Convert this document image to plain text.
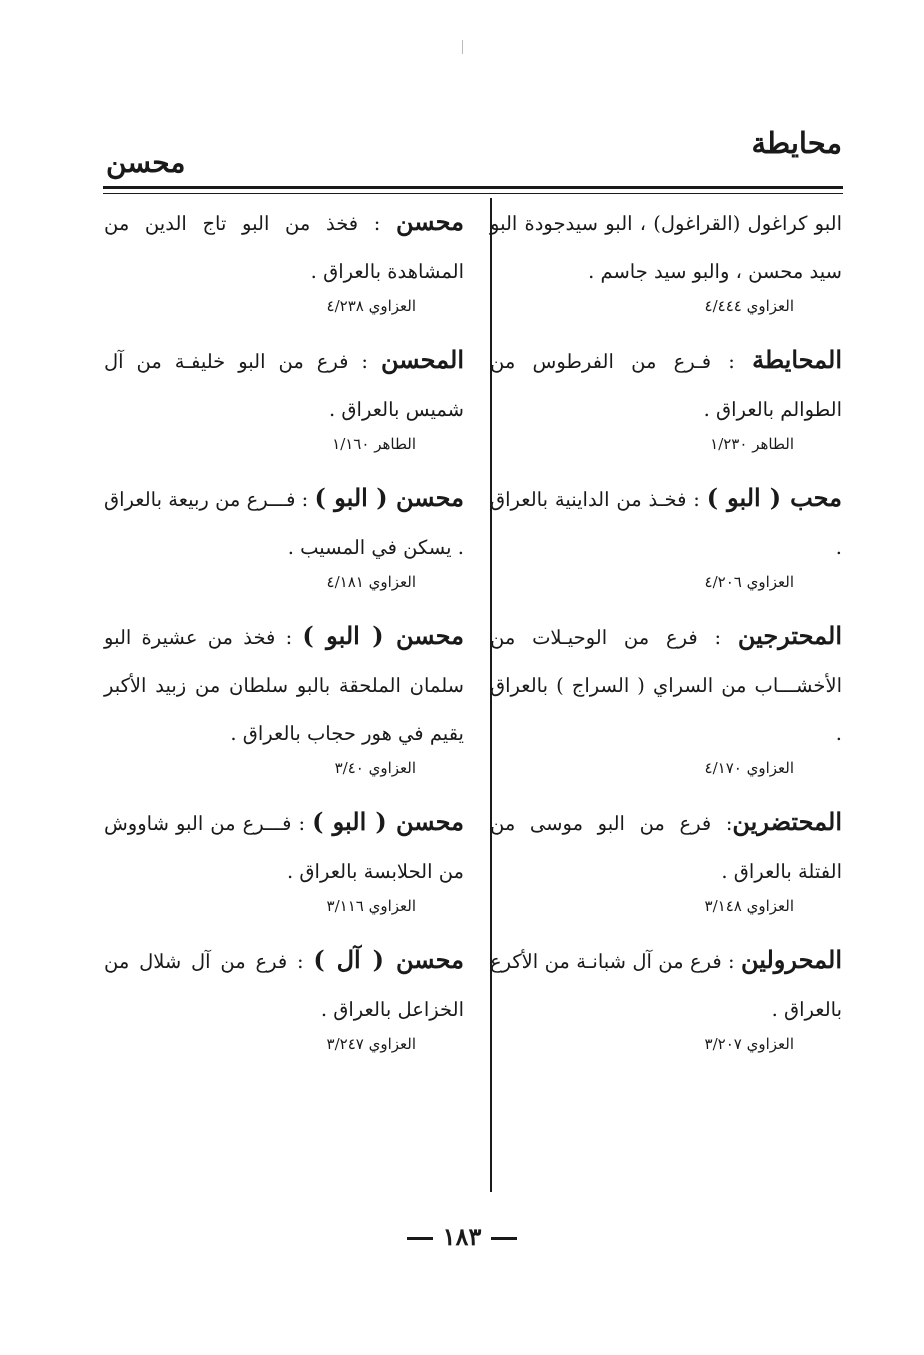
محايطة
محسن
البو كراغول (القراغول) ، البو سيدجودة البو سيد محسن ، والبو سيد جاسم .
العزاوي ٤/٤٤٤
المحايطة : فـرع من الفرطوس من الطوالم بالعراق .
الطاهر ١/٢٣٠
محب ( البو ) : فخـذ من الداينية بالعراق .
العزاوي ٤/٢٠٦
المحترجين : فرع من الوحيـلات من الأخشـــاب من السراي ( السراج ) بالعراق .
العزاوي ٤/١٧٠
المحتضرين: فرع من البو موسى من الفتلة بالعراق .
العزاوي ٣/١٤٨
المحرولين : فرع من آل شبانـة من الأكرع بالعراق .
العزاوي ٣/٢٠٧
محسن : فخذ من البو تاج الدين من المشاهدة بالعراق .
العزاوي ٤/٢٣٨
المحسن : فرع من البو خليفـة من آل شميس بالعراق .
الطاهر ١/١٦٠
محسن ( البو ) : فـــرع من ربيعة بالعراق . يسكن في المسيب .
العزاوي ٤/١٨١
محسن ( البو ) : فخذ من عشيرة البو سلمان الملحقة بالبو سلطان من زبيد الأكبر يقيم في هور حجاب بالعراق .
العزاوي ٣/٤٠
محسن ( البو ) : فـــرع من البو شاووش من الحلابسة بالعراق .
العزاوي ٣/١١٦
محسن ( آل ) : فرع من آل شلال من الخزاعل بالعراق .
العزاوي ٣/٢٤٧
١٨٣
